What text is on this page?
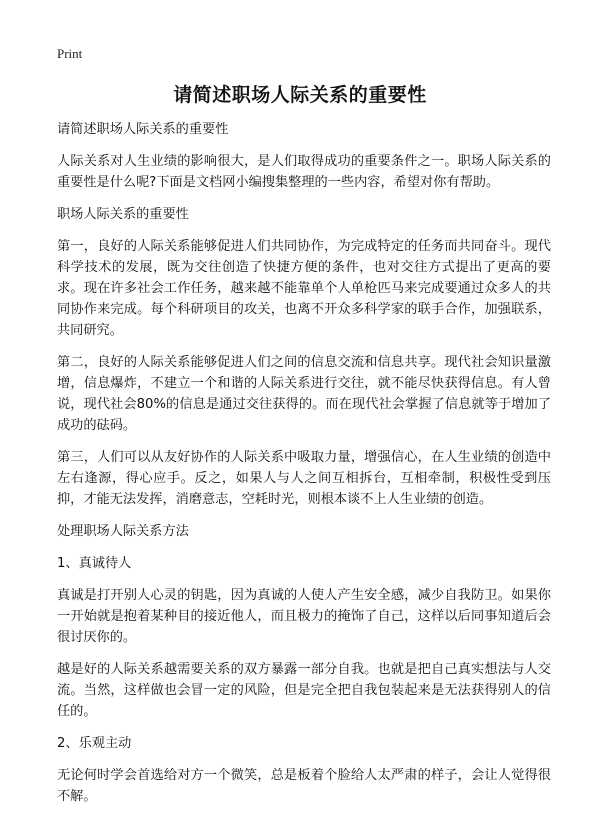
Print
请简述职场人际关系的重要性

请简述职场人际关系的重要性

人际关系对人生业绩的影响很大，是人们取得成功的重要条件之一。职场人际关系的重要性是什么呢?下面是文档网小编搜集整理的一些内容，希望对你有帮助。

职场人际关系的重要性

第一，良好的人际关系能够促进人们共同协作，为完成特定的任务而共同奋斗。现代科学技术的发展，既为交往创造了快捷方便的条件，也对交往方式提出了更高的要求。现在许多社会工作任务，越来越不能靠单个人单枪匹马来完成要通过众多人的共同协作来完成。每个科研项目的攻关，也离不开众多科学家的联手合作，加强联系，共同研究。

第二，良好的人际关系能够促进人们之间的信息交流和信息共享。现代社会知识量激增，信息爆炸，不建立一个和谐的人际关系进行交往，就不能尽快获得信息。有人曾说，现代社会80%的信息是通过交往获得的。而在现代社会掌握了信息就等于增加了成功的砝码。

第三，人们可以从友好协作的人际关系中吸取力量，增强信心，在人生业绩的创造中左右逢源，得心应手。反之，如果人与人之间互相拆台，互相牵制，积极性受到压抑，才能无法发挥，消磨意志，空耗时光，则根本谈不上人生业绩的创造。

处理职场人际关系方法

1、真诚待人

真诚是打开别人心灵的钥匙，因为真诚的人使人产生安全感，减少自我防卫。如果你一开始就是抱着某种目的接近他人，而且极力的掩饰了自己，这样以后同事知道后会很讨厌你的。

越是好的人际关系越需要关系的双方暴露一部分自我。也就是把自己真实想法与人交流。当然，这样做也会冒一定的风险，但是完全把自我包装起来是无法获得别人的信任的。

2、乐观主动

无论何时学会首选给对方一个微笑，总是板着个脸给人太严肃的样子，会让人觉得很不解。
